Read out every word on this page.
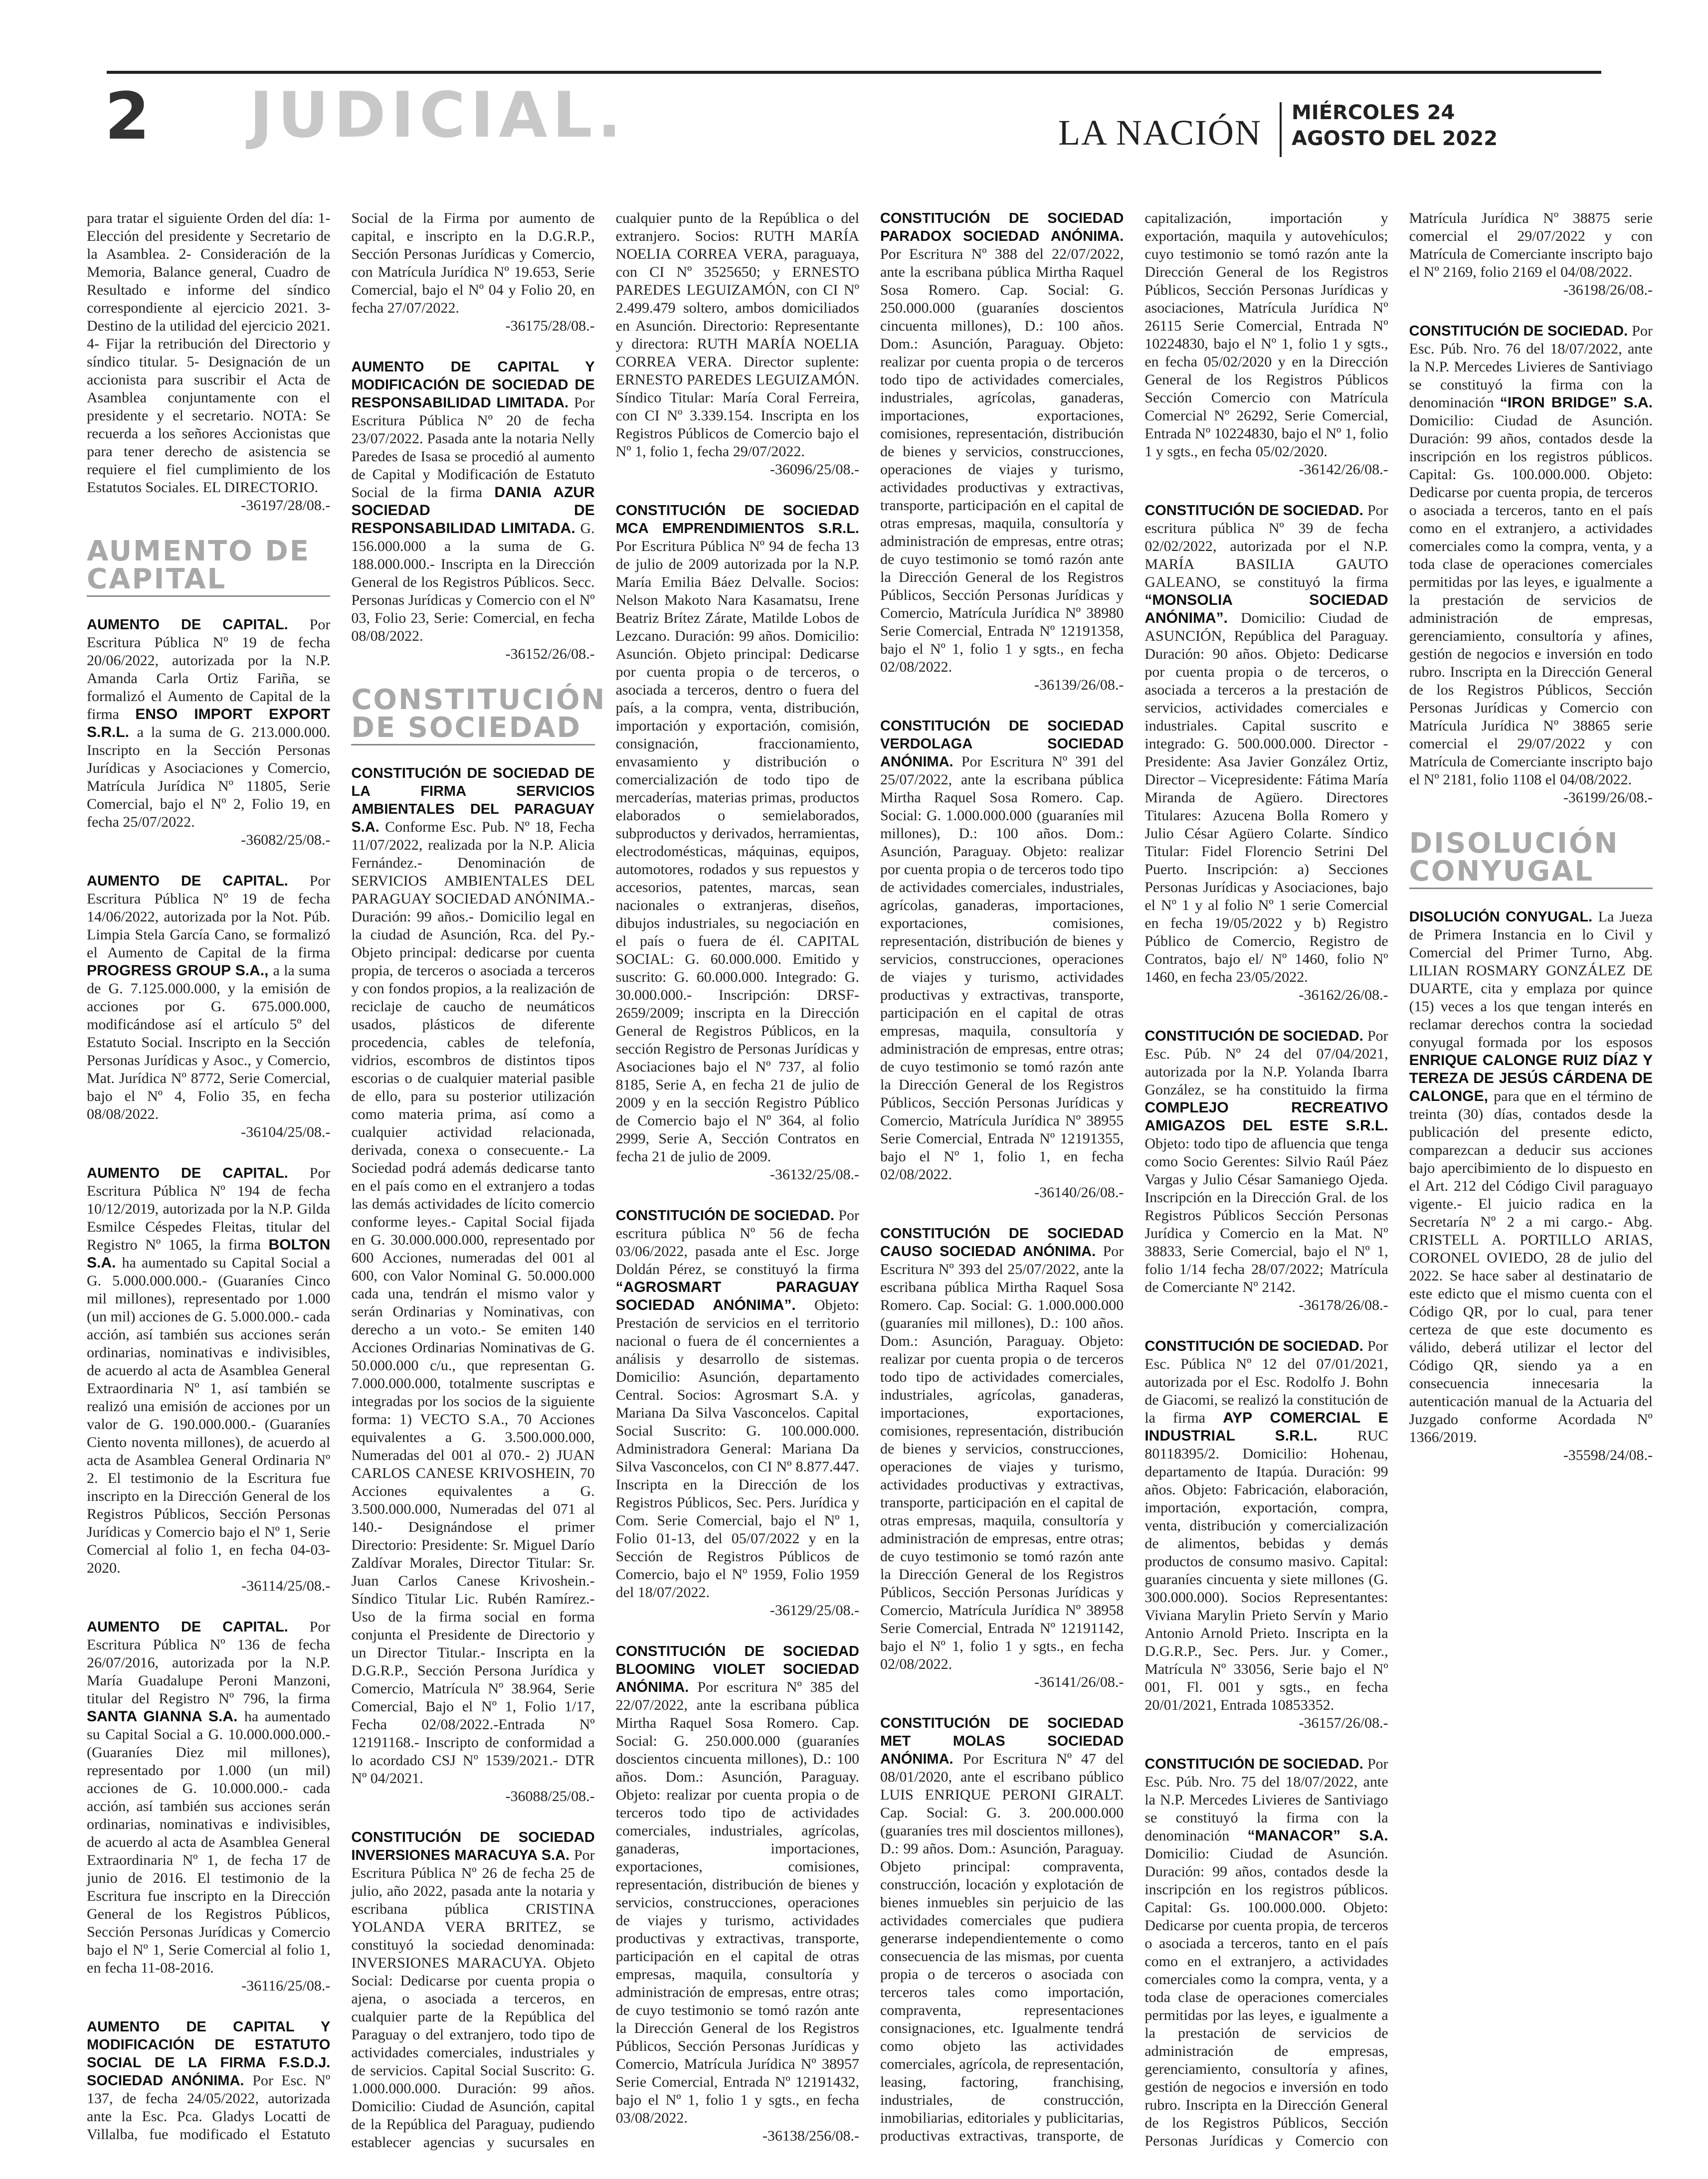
2 JUDICIAL.	LA NACIÓN MIÉRCOLES 24
AGOSTO DEL 2022

para tratar el siguiente Orden del día: 1- Elección del presidente y Secretario de la Asamblea. 2- Consideración de la Memoria, Balance general, Cuadro de Resultado e informe del síndico correspondiente al ejercicio 2021. 3- Destino de la utilidad del ejercicio 2021. 4- Fijar la retribución del Directorio y síndico titular. 5- Designación de un accionista para suscribir el Acta de Asamblea conjuntamente con el presidente y el secretario. NOTA: Se recuerda a los señores Accionistas que para tener derecho de asistencia se requiere el fiel cumplimiento de los Estatutos Sociales. EL DIRECTORIO.
-36197/28/08.-

AUMENTO DE CAPITAL

AUMENTO DE CAPITAL. Por Escritura Pública Nº 19 de fecha 20/06/2022, autorizada por la N.P. Amanda Carla Ortiz Fariña, se formalizó el Aumento de Capital de la firma ENSO IMPORT EXPORT S.R.L. a la suma de G. 213.000.000. Inscripto en la Sección Personas Jurídicas y Asociaciones y Comercio, Matrícula Jurídica Nº 11805, Serie Comercial, bajo el Nº 2, Folio 19, en fecha 25/07/2022.
-36082/25/08.-

AUMENTO DE CAPITAL. Por Escritura Pública Nº 19 de fecha 14/06/2022, autorizada por la Not. Púb. Limpia Stela García Cano, se formalizó el Aumento de Capital de la firma PROGRESS GROUP S.A., a la suma de G. 7.125.000.000, y la emisión de acciones por G. 675.000.000, modificándose así el artículo 5º del Estatuto Social. Inscripto en la Sección Personas Jurídicas y Asoc., y Comercio, Mat. Jurídica Nº 8772, Serie Comercial, bajo el Nº 4, Folio 35, en fecha 08/08/2022.
-36104/25/08.-

AUMENTO DE CAPITAL. Por Escritura Pública Nº 194 de fecha 10/12/2019, autorizada por la N.P. Gilda Esmilce Céspedes Fleitas, titular del Registro Nº 1065, la firma BOLTON S.A. ha aumentado su Capital Social a G. 5.000.000.000.- (Guaraníes Cinco mil millones), representado por 1.000 (un mil) acciones de G. 5.000.000.- cada acción, así también sus acciones serán ordinarias, nominativas e indivisibles, de acuerdo al acta de Asamblea General Extraordinaria Nº 1, así también se realizó una emisión de acciones por un valor de G. 190.000.000.- (Guaraníes Ciento noventa millones), de acuerdo al acta de Asamblea General Ordinaria Nº 2. El testimonio de la Escritura fue inscripto en la Dirección General de los Registros Públicos, Sección Personas Jurídicas y Comercio bajo el Nº 1, Serie Comercial al folio 1, en fecha 04-03-2020.
-36114/25/08.-

AUMENTO DE CAPITAL. Por Escritura Pública Nº 136 de fecha 26/07/2016, autorizada por la N.P. María Guadalupe Peroni Manzoni, titular del Registro Nº 796, la firma SANTA GIANNA S.A. ha aumentado su Capital Social a G. 10.000.000.000.- (Guaraníes Diez mil millones), representado por 1.000 (un mil) acciones de G. 10.000.000.- cada acción, así también sus acciones serán ordinarias, nominativas e indivisibles, de acuerdo al acta de Asamblea General Extraordinaria Nº 1, de fecha 17 de junio de 2016. El testimonio de la Escritura fue inscripto en la Dirección General de los Registros Públicos, Sección Personas Jurídicas y Comercio bajo el Nº 1, Serie Comercial al folio 1, en fecha 11-08-2016.
-36116/25/08.-

AUMENTO DE CAPITAL Y MODIFICACIÓN DE ESTATUTO SOCIAL DE LA FIRMA F.S.D.J. SOCIEDAD ANÓNIMA. Por Esc. Nº 137, de fecha 24/05/2022, autorizada ante la Esc. Pca. Gladys Locatti de Villalba, fue modificado el Estatuto Social de la Firma por aumento de capital, e inscripto en la D.G.R.P., Sección Personas Jurídicas y Comercio, con Matrícula Jurídica Nº 19.653, Serie Comercial, bajo el Nº 04 y Folio 20, en fecha 27/07/2022.
-36175/28/08.-

AUMENTO DE CAPITAL Y MODIFICACIÓN DE SOCIEDAD DE RESPONSABILIDAD LIMITADA. Por Escritura Pública Nº 20 de fecha 23/07/2022. Pasada ante la notaria Nelly Paredes de Isasa se procedió al aumento de Capital y Modificación de Estatuto Social de la firma DANIA AZUR SOCIEDAD DE RESPONSABILIDAD LIMITADA. G. 156.000.000 a la suma de G. 188.000.000.- Inscripta en la Dirección General de los Registros Públicos. Secc. Personas Jurídicas y Comercio con el Nº 03, Folio 23, Serie: Comercial, en fecha 08/08/2022.
-36152/26/08.-

CONSTITUCIÓN DE SOCIEDAD

CONSTITUCIÓN DE SOCIEDAD DE LA FIRMA SERVICIOS AMBIENTALES DEL PARAGUAY S.A. Conforme Esc. Pub. Nº 18, Fecha 11/07/2022, realizada por la N.P. Alicia Fernández.- Denominación de SERVICIOS AMBIENTALES DEL PARAGUAY SOCIEDAD ANÓNIMA.- Duración: 99 años.- Domicilio legal en la ciudad de Asunción, Rca. del Py.- Objeto principal: dedicarse por cuenta propia, de terceros o asociada a terceros y con fondos propios, a la realización de reciclaje de caucho de neumáticos usados, plásticos de diferente procedencia, cables de telefonía, vidrios, escombros de distintos tipos escorias o de cualquier material pasible de ello, para su posterior utilización como materia prima, así como a cualquier actividad relacionada, derivada, conexa o consecuente.- La Sociedad podrá además dedicarse tanto en el país como en el extranjero a todas las demás actividades de lícito comercio conforme leyes.- Capital Social fijada en G. 30.000.000.000, representado por 600 Acciones, numeradas del 001 al 600, con Valor Nominal G. 50.000.000 cada una, tendrán el mismo valor y serán Ordinarias y Nominativas, con derecho a un voto.- Se emiten 140 Acciones Ordinarias Nominativas de G. 50.000.000 c/u., que representan G. 7.000.000.000, totalmente suscriptas e integradas por los socios de la siguiente forma: 1) VECTO S.A., 70 Acciones equivalentes a G. 3.500.000.000, Numeradas del 001 al 070.- 2) JUAN CARLOS CANESE KRIVOSHEIN, 70 Acciones equivalentes a G. 3.500.000.000, Numeradas del 071 al 140.- Designándose el primer Directorio: Presidente: Sr. Miguel Darío Zaldívar Morales, Director Titular: Sr. Juan Carlos Canese Krivoshein.- Síndico Titular Lic. Rubén Ramírez.- Uso de la firma social en forma conjunta el Presidente de Directorio y un Director Titular.- Inscripta en la D.G.R.P., Sección Persona Jurídica y Comercio, Matrícula Nº 38.964, Serie Comercial, Bajo el Nº 1, Folio 1/17, Fecha 02/08/2022.-Entrada Nº 12191168.- Inscripto de conformidad a lo acordado CSJ Nº 1539/2021.- DTR Nº 04/2021.
-36088/25/08.-

CONSTITUCIÓN DE SOCIEDAD INVERSIONES MARACUYA S.A. Por Escritura Pública Nº 26 de fecha 25 de julio, año 2022, pasada ante la notaria y escribana pública CRISTINA YOLANDA VERA BRITEZ, se constituyó la sociedad denominada: INVERSIONES MARACUYA. Objeto Social: Dedicarse por cuenta propia o ajena, o asociada a terceros, en cualquier parte de la República del Paraguay o del extranjero, todo tipo de actividades comerciales, industriales y de servicios. Capital Social Suscrito: G. 1.000.000.000. Duración: 99 años. Domicilio: Ciudad de Asunción, capital de la República del Paraguay, pudiendo establecer agencias y sucursales en cualquier punto de la República o del extranjero. Socios: RUTH MARÍA NOELIA CORREA VERA, paraguaya, con CI Nº 3525650; y ERNESTO PAREDES LEGUIZAMÓN, con CI Nº 2.499.479 soltero, ambos domiciliados en Asunción. Directorio: Representante y directora: RUTH MARÍA NOELIA CORREA VERA. Director suplente: ERNESTO PAREDES LEGUIZAMÓN. Síndico Titular: María Coral Ferreira, con CI Nº 3.339.154. Inscripta en los Registros Públicos de Comercio bajo el Nº 1, folio 1, fecha 29/07/2022.
-36096/25/08.-

CONSTITUCIÓN DE SOCIEDAD MCA EMPRENDIMIENTOS S.R.L. Por Escritura Pública Nº 94 de fecha 13 de julio de 2009 autorizada por la N.P. María Emilia Báez Delvalle. Socios: Nelson Makoto Nara Kasamatsu, Irene Beatriz Brítez Zárate, Matilde Lobos de Lezcano. Duración: 99 años. Domicilio: Asunción. Objeto principal: Dedicarse por cuenta propia o de terceros, o asociada a terceros, dentro o fuera del país, a la compra, venta, distribución, importación y exportación, comisión, consignación, fraccionamiento, envasamiento y distribución o comercialización de todo tipo de mercaderías, materias primas, productos elaborados o semielaborados, subproductos y derivados, herramientas, electrodomésticas, máquinas, equipos, automotores, rodados y sus repuestos y accesorios, patentes, marcas, sean nacionales o extranjeras, diseños, dibujos industriales, su negociación en el país o fuera de él. CAPITAL SOCIAL: G. 60.000.000. Emitido y suscrito: G. 60.000.000. Integrado: G. 30.000.000.- Inscripción: DRSF-2659/2009; inscripta en la Dirección General de Registros Públicos, en la sección Registro de Personas Jurídicas y Asociaciones bajo el Nº 737, al folio 8185, Serie A, en fecha 21 de julio de 2009 y en la sección Registro Público de Comercio bajo el Nº 364, al folio 2999, Serie A, Sección Contratos en fecha 21 de julio de 2009.
-36132/25/08.-

CONSTITUCIÓN DE SOCIEDAD. Por escritura pública Nº 56 de fecha 03/06/2022, pasada ante el Esc. Jorge Doldán Pérez, se constituyó la firma “AGROSMART PARAGUAY SOCIEDAD ANÓNIMA”. Objeto: Prestación de servicios en el territorio nacional o fuera de él concernientes a análisis y desarrollo de sistemas. Domicilio: Asunción, departamento Central. Socios: Agrosmart S.A. y Mariana Da Silva Vasconcelos. Capital Social Suscrito: G. 100.000.000. Administradora General: Mariana Da Silva Vasconcelos, con CI Nº 8.877.447. Inscripta en la Dirección de los Registros Públicos, Sec. Pers. Jurídica y Com. Serie Comercial, bajo el Nº 1, Folio 01-13, del 05/07/2022 y en la Sección de Registros Públicos de Comercio, bajo el Nº 1959, Folio 1959 del 18/07/2022.
-36129/25/08.-

CONSTITUCIÓN DE SOCIEDAD BLOOMING VIOLET SOCIEDAD ANÓNIMA. Por escritura Nº 385 del 22/07/2022, ante la escribana pública Mirtha Raquel Sosa Romero. Cap. Social: G. 250.000.000 (guaraníes doscientos cincuenta millones), D.: 100 años. Dom.: Asunción, Paraguay. Objeto: realizar por cuenta propia o de terceros todo tipo de actividades comerciales, industriales, agrícolas, ganaderas, importaciones, exportaciones, comisiones, representación, distribución de bienes y servicios, construcciones, operaciones de viajes y turismo, actividades productivas y extractivas, transporte, participación en el capital de otras empresas, maquila, consultoría y administración de empresas, entre otras; de cuyo testimonio se tomó razón ante la Dirección General de los Registros Públicos, Sección Personas Jurídicas y Comercio, Matrícula Jurídica Nº 38957 Serie Comercial, Entrada Nº 12191432, bajo el Nº 1, folio 1 y sgts., en fecha 03/08/2022.
-36138/256/08.-

CONSTITUCIÓN DE SOCIEDAD PARADOX SOCIEDAD ANÓNIMA. Por Escritura Nº 388 del 22/07/2022, ante la escribana pública Mirtha Raquel Sosa Romero. Cap. Social: G. 250.000.000 (guaraníes doscientos cincuenta millones), D.: 100 años. Dom.: Asunción, Paraguay. Objeto: realizar por cuenta propia o de terceros todo tipo de actividades comerciales, industriales, agrícolas, ganaderas, importaciones, exportaciones, comisiones, representación, distribución de bienes y servicios, construcciones, operaciones de viajes y turismo, actividades productivas y extractivas, transporte, participación en el capital de otras empresas, maquila, consultoría y administración de empresas, entre otras; de cuyo testimonio se tomó razón ante la Dirección General de los Registros Públicos, Sección Personas Jurídicas y Comercio, Matrícula Jurídica Nº 38980 Serie Comercial, Entrada Nº 12191358, bajo el Nº 1, folio 1 y sgts., en fecha 02/08/2022.
-36139/26/08.-

CONSTITUCIÓN DE SOCIEDAD VERDOLAGA SOCIEDAD ANÓNIMA. Por Escritura Nº 391 del 25/07/2022, ante la escribana pública Mirtha Raquel Sosa Romero. Cap. Social: G. 1.000.000.000 (guaraníes mil millones), D.: 100 años. Dom.: Asunción, Paraguay. Objeto: realizar por cuenta propia o de terceros todo tipo de actividades comerciales, industriales, agrícolas, ganaderas, importaciones, exportaciones, comisiones, representación, distribución de bienes y servicios, construcciones, operaciones de viajes y turismo, actividades productivas y extractivas, transporte, participación en el capital de otras empresas, maquila, consultoría y administración de empresas, entre otras; de cuyo testimonio se tomó razón ante la Dirección General de los Registros Públicos, Sección Personas Jurídicas y Comercio, Matrícula Jurídica Nº 38955 Serie Comercial, Entrada Nº 12191355, bajo el Nº 1, folio 1, en fecha 02/08/2022.
-36140/26/08.-

CONSTITUCIÓN DE SOCIEDAD CAUSO SOCIEDAD ANÓNIMA. Por Escritura Nº 393 del 25/07/2022, ante la escribana pública Mirtha Raquel Sosa Romero. Cap. Social: G. 1.000.000.000 (guaraníes mil millones), D.: 100 años. Dom.: Asunción, Paraguay. Objeto: realizar por cuenta propia o de terceros todo tipo de actividades comerciales, industriales, agrícolas, ganaderas, importaciones, exportaciones, comisiones, representación, distribución de bienes y servicios, construcciones, operaciones de viajes y turismo, actividades productivas y extractivas, transporte, participación en el capital de otras empresas, maquila, consultoría y administración de empresas, entre otras; de cuyo testimonio se tomó razón ante la Dirección General de los Registros Públicos, Sección Personas Jurídicas y Comercio, Matrícula Jurídica Nº 38958 Serie Comercial, Entrada Nº 12191142, bajo el Nº 1, folio 1 y sgts., en fecha 02/08/2022.
-36141/26/08.-

CONSTITUCIÓN DE SOCIEDAD MET MOLAS SOCIEDAD ANÓNIMA. Por Escritura Nº 47 del 08/01/2020, ante el escribano público LUIS ENRIQUE PERONI GIRALT. Cap. Social: G. 3. 200.000.000 (guaraníes tres mil doscientos millones), D.: 99 años. Dom.: Asunción, Paraguay. Objeto principal: compraventa, construcción, locación y explotación de bienes inmuebles sin perjuicio de las actividades comerciales que pudiera generarse independientemente o como consecuencia de las mismas, por cuenta propia o de terceros o asociada con terceros tales como importación, compraventa, representaciones consignaciones, etc. Igualmente tendrá como objeto las actividades comerciales, agrícola, de representación, leasing, factoring, franchising, industriales, de construcción, inmobiliarias, editoriales y publicitarias, productivas extractivas, transporte, de capitalización, importación y exportación, maquila y autovehículos; cuyo testimonio se tomó razón ante la Dirección General de los Registros Públicos, Sección Personas Jurídicas y asociaciones, Matrícula Jurídica Nº 26115 Serie Comercial, Entrada Nº 10224830, bajo el Nº 1, folio 1 y sgts., en fecha 05/02/2020 y en la Dirección General de los Registros Públicos Sección Comercio con Matrícula Comercial Nº 26292, Serie Comercial, Entrada Nº 10224830, bajo el Nº 1, folio 1 y sgts., en fecha 05/02/2020.
-36142/26/08.-

CONSTITUCIÓN DE SOCIEDAD. Por escritura pública Nº 39 de fecha 02/02/2022, autorizada por el N.P. MARÍA BASILIA GAUTO GALEANO, se constituyó la firma “MONSOLIA SOCIEDAD ANÓNIMA”. Domicilio: Ciudad de ASUNCIÓN, República del Paraguay. Duración: 90 años. Objeto: Dedicarse por cuenta propia o de terceros, o asociada a terceros a la prestación de servicios, actividades comerciales e industriales. Capital suscrito e integrado: G. 500.000.000. Director - Presidente: Asa Javier González Ortiz, Director – Vicepresidente: Fátima María Miranda de Agüero. Directores Titulares: Azucena Bolla Romero y Julio César Agüero Colarte. Síndico Titular: Fidel Florencio Setrini Del Puerto. Inscripción: a) Secciones Personas Jurídicas y Asociaciones, bajo el Nº 1 y al folio Nº 1 serie Comercial en fecha 19/05/2022 y b) Registro Público de Comercio, Registro de Contratos, bajo el/ Nº 1460, folio Nº 1460, en fecha 23/05/2022.
-36162/26/08.-

CONSTITUCIÓN DE SOCIEDAD. Por Esc. Púb. Nº 24 del 07/04/2021, autorizada por la N.P. Yolanda Ibarra González, se ha constituido la firma COMPLEJO RECREATIVO AMIGAZOS DEL ESTE S.R.L. Objeto: todo tipo de afluencia que tenga como Socio Gerentes: Silvio Raúl Páez Vargas y Julio César Samaniego Ojeda. Inscripción en la Dirección Gral. de los Registros Públicos Sección Personas Jurídica y Comercio en la Mat. Nº 38833, Serie Comercial, bajo el Nº 1, folio 1/14 fecha 28/07/2022; Matrícula de Comerciante Nº 2142.
-36178/26/08.-

CONSTITUCIÓN DE SOCIEDAD. Por Esc. Pública Nº 12 del 07/01/2021, autorizada por el Esc. Rodolfo J. Bohn de Giacomi, se realizó la constitución de la firma AYP COMERCIAL E INDUSTRIAL S.R.L. RUC 80118395/2. Domicilio: Hohenau, departamento de Itapúa. Duración: 99 años. Objeto: Fabricación, elaboración, importación, exportación, compra, venta, distribución y comercialización de alimentos, bebidas y demás productos de consumo masivo. Capital: guaraníes cincuenta y siete millones (G. 300.000.000). Socios Representantes: Viviana Marylin Prieto Servín y Mario Antonio Arnold Prieto. Inscripta en la D.G.R.P., Sec. Pers. Jur. y Comer., Matrícula Nº 33056, Serie bajo el Nº 001, Fl. 001 y sgts., en fecha 20/01/2021, Entrada 10853352.
-36157/26/08.-

CONSTITUCIÓN DE SOCIEDAD. Por Esc. Púb. Nro. 75 del 18/07/2022, ante la N.P. Mercedes Livieres de Santiviago se constituyó la firma con la denominación “MANACOR” S.A. Domicilio: Ciudad de Asunción. Duración: 99 años, contados desde la inscripción en los registros públicos. Capital: Gs. 100.000.000. Objeto: Dedicarse por cuenta propia, de terceros o asociada a terceros, tanto en el país como en el extranjero, a actividades comerciales como la compra, venta, y a toda clase de operaciones comerciales permitidas por las leyes, e igualmente a la prestación de servicios de administración de empresas, gerenciamiento, consultoría y afines, gestión de negocios e inversión en todo rubro. Inscripta en la Dirección General de los Registros Públicos, Sección Personas Jurídicas y Comercio con Matrícula Jurídica Nº 38875 serie comercial el 29/07/2022 y con Matrícula de Comerciante inscripto bajo el Nº 2169, folio 2169 el 04/08/2022.
-36198/26/08.-

CONSTITUCIÓN DE SOCIEDAD. Por Esc. Púb. Nro. 76 del 18/07/2022, ante la N.P. Mercedes Livieres de Santiviago se constituyó la firma con la denominación “IRON BRIDGE” S.A. Domicilio: Ciudad de Asunción. Duración: 99 años, contados desde la inscripción en los registros públicos. Capital: Gs. 100.000.000. Objeto: Dedicarse por cuenta propia, de terceros o asociada a terceros, tanto en el país como en el extranjero, a actividades comerciales como la compra, venta, y a toda clase de operaciones comerciales permitidas por las leyes, e igualmente a la prestación de servicios de administración de empresas, gerenciamiento, consultoría y afines, gestión de negocios e inversión en todo rubro. Inscripta en la Dirección General de los Registros Públicos, Sección Personas Jurídicas y Comercio con Matrícula Jurídica Nº 38865 serie comercial el 29/07/2022 y con Matrícula de Comerciante inscripto bajo el Nº 2181, folio 1108 el 04/08/2022.
-36199/26/08.-

DISOLUCIÓN CONYUGAL

DISOLUCIÓN CONYUGAL. La Jueza de Primera Instancia en lo Civil y Comercial del Primer Turno, Abg. LILIAN ROSMARY GONZÁLEZ DE DUARTE, cita y emplaza por quince (15) veces a los que tengan interés en reclamar derechos contra la sociedad conyugal formada por los esposos ENRIQUE CALONGE RUIZ DÍAZ Y TEREZA DE JESÚS CÁRDENA DE CALONGE, para que en el término de treinta (30) días, contados desde la publicación del presente edicto, comparezcan a deducir sus acciones bajo apercibimiento de lo dispuesto en el Art. 212 del Código Civil paraguayo vigente.- El juicio radica en la Secretaría Nº 2 a mi cargo.- Abg. CRISTELL A. PORTILLO ARIAS, CORONEL OVIEDO, 28 de julio del 2022. Se hace saber al destinatario de este edicto que el mismo cuenta con el Código QR, por lo cual, para tener certeza de que este documento es válido, deberá utilizar el lector del Código QR, siendo ya a en consecuencia innecesaria la autenticación manual de la Actuaria del Juzgado conforme Acordada Nº 1366/2019.
-35598/24/08.-
